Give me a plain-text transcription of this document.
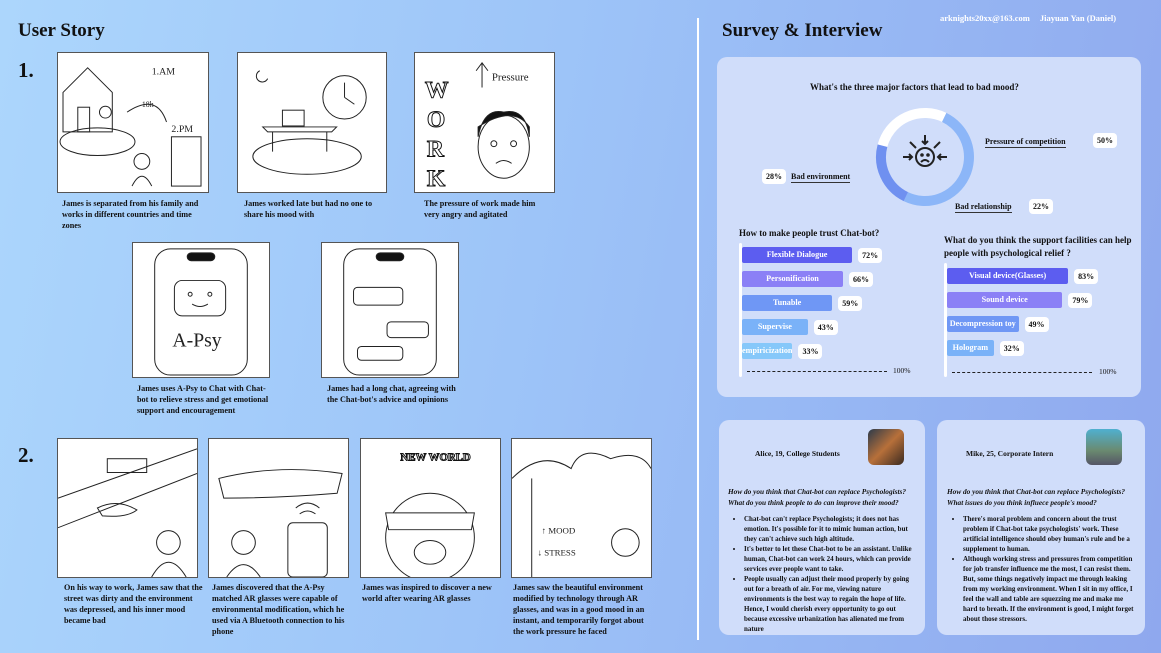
User Story
1.
2.
1.AM
18h
2.PM
W
O
R
K
Pressure
James is separated from his family and works in different countries and time zones
James worked late but had no one to share his mood with
The pressure of work made him very angry and agitated
A-Psy
James uses A-Psy to Chat with Chat-bot to relieve stress and get emotional support and encouragement
James had a long chat, agreeing with the Chat-bot's advice and opinions
NEW WORLD
↑ MOOD
↓ STRESS
On his way to work, James saw that the street was dirty and the environment was depressed, and his inner mood became bad
James discovered that the A-Psy matched AR glasses were capable of environmental modification, which he used via A Bluetooth connection to his phone
James was inspired to discover a new world after wearing AR glasses
James saw the beautiful environment modified by technology through AR glasses, and was in a good mood in an instant, and temporarily forgot about the work pressure he faced
arknights20xx@163.com Jiayuan Yan (Daniel)
Survey & Interview
What's the three major factors that lead to bad mood?
Pressure of competition	50%
Bad environment
28%
Bad relationship	22%
How to make people trust Chat-bot?
Flexible Dialogue	72%
Personification	66%
Tunable	59%
Supervise	43%
empiricization	33%
100%
What do you think the support facilities can help people with psychological relief ?
Visual device(Glasses)	83%
Sound device	79%
Decompression toy	49%
Hologram	32%
100%
Alice, 19, College Students
How do you think that Chat-bot can replace Psychologists? What do you think people to do can improve their mood?
• Chat-bot can't replace Psychologists; it does not has emotion. It's possible for it to mimic human action, but they can't achieve such high altitude.
• It's better to let these Chat-bot to be an assistant. Unlike human, Chat-bot can work 24 hours, which can provide services ever people want to take.
• People usually can adjust their mood properly by going out for a breath of air. For me, viewing nature environments is the best way to regain the hope of life. Hence, I would cherish every opportunity to go out because excessive urbanization has alienated me from nature
Mike, 25, Corporate Intern
How do you think that Chat-bot can replace Psychologists? What issues do you think influece people's mood?
• There's moral problem and concern about the trust problem if Chat-bot take psychologists' work. These artificial intelligence should obey human's rule and be a supplement to human.
• Although working stress and pressures from competition for job transfer influence me the most, I can resist them. But, some things negatively impact me through leaking from my working environment. When I sit in my office, I feel the wall and table are squezzing me and make me hard to breath. If the environment is good, I might forget about those stressors.
